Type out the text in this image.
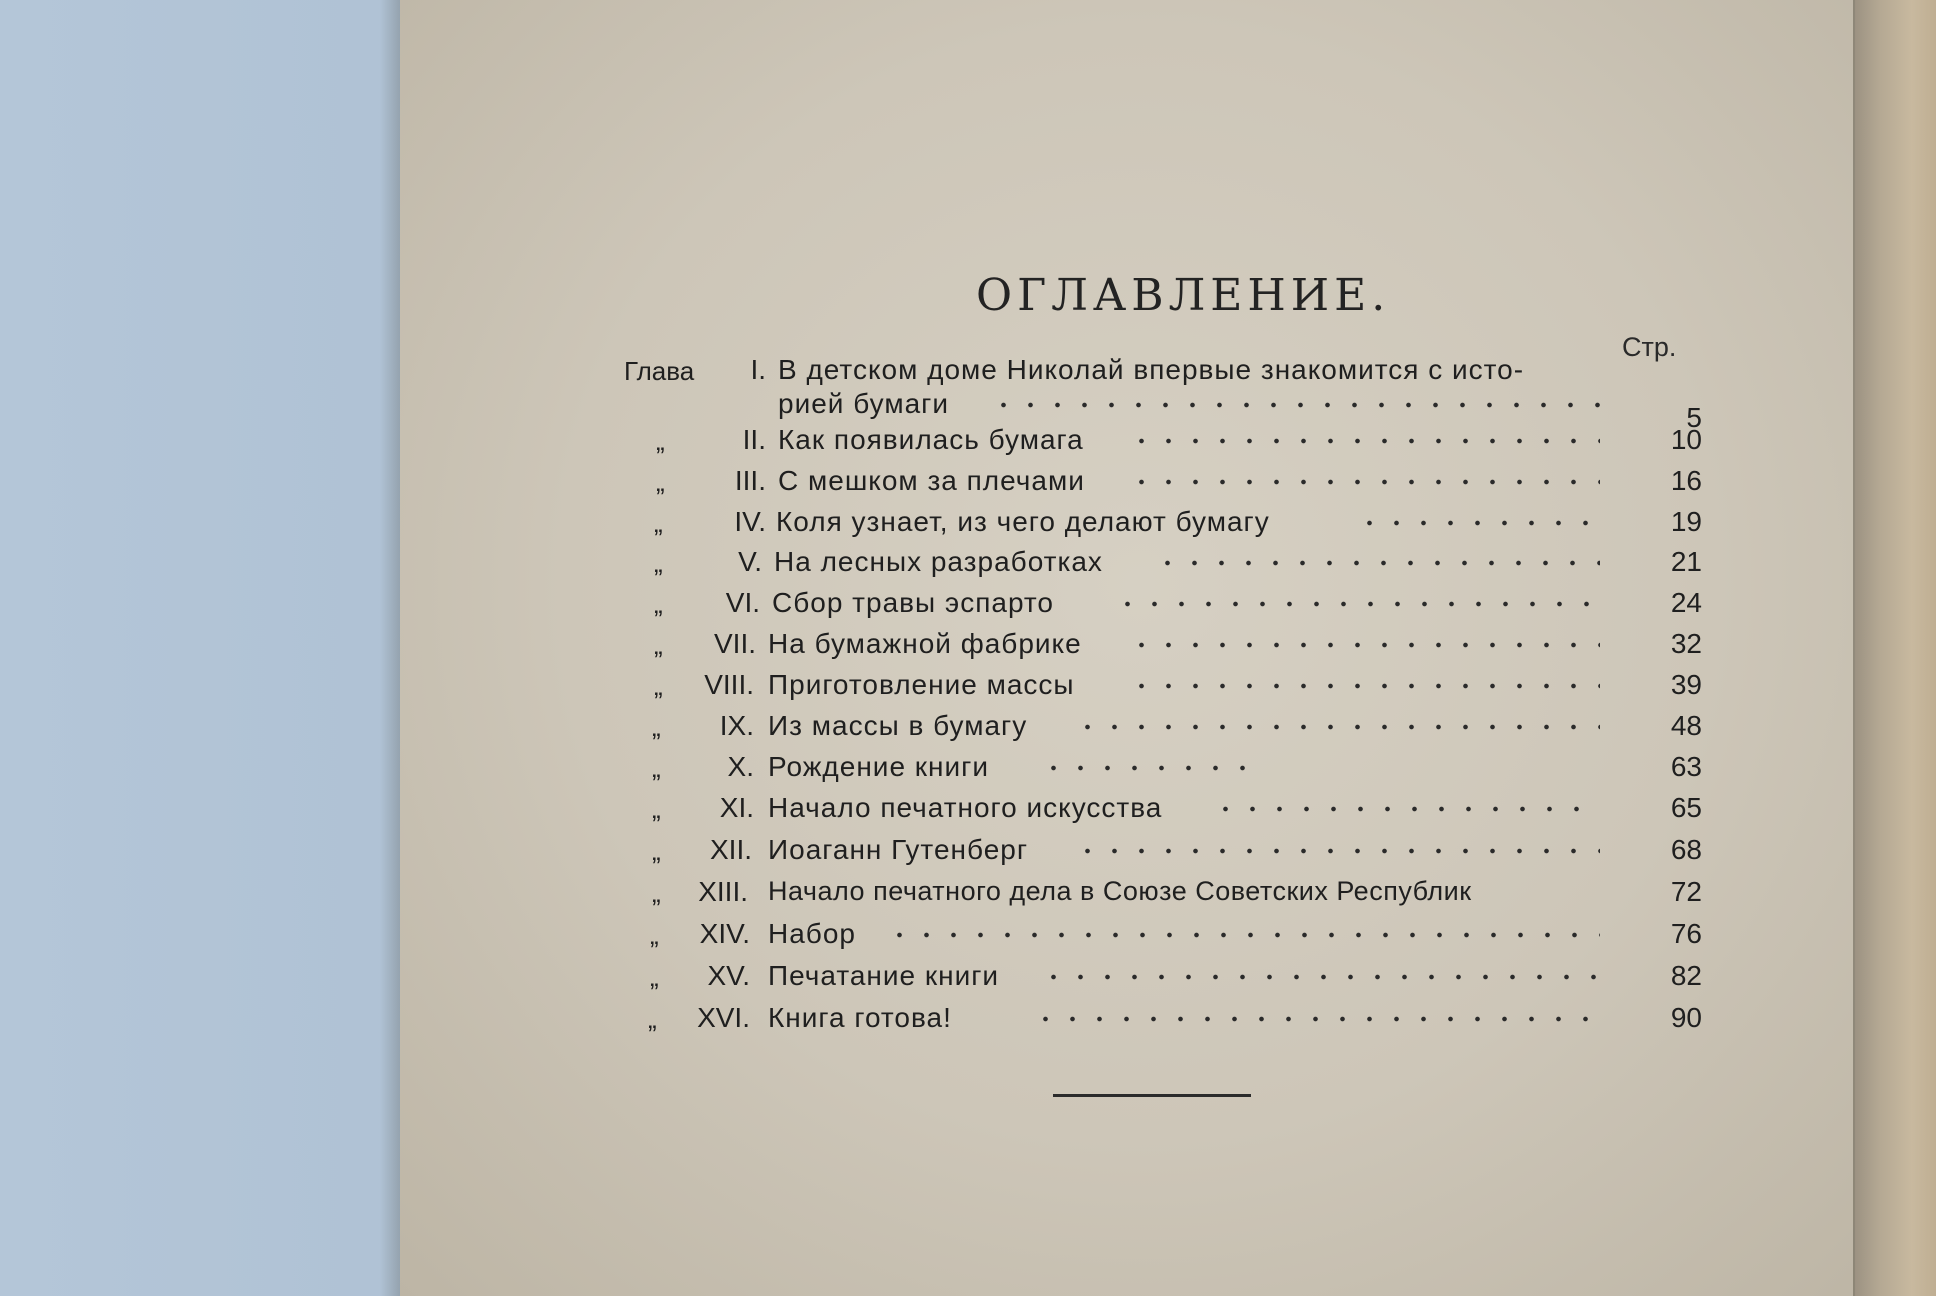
ОГЛАВЛЕНИЕ.
Стр.
Глава	I. В детском доме Николай впервые знакомится с исто-
рией бумаги	5
„	II. Как появилась бумага	10
„	III. С мешком за плечами	16
„	IV. Коля узнает, из чего делают бумагу	19
„	V. На лесных разработках	21
„	VI. Сбор травы эспарто	24
„	VII. На бумажной фабрике	32
„	VIII. Приготовление массы	39
„	IX. Из массы в бумагу	48
„	X. Рождение книги	63
„	XI. Начало печатного искусства	65
„	XII. Иоаганн Гутенберг	68
„	XIII. Начало печатного дела в Союзе Советских Республик	72
„	XIV. Набор	76
„	XV. Печатание книги	82
„ XVI. Книга готова!	90
